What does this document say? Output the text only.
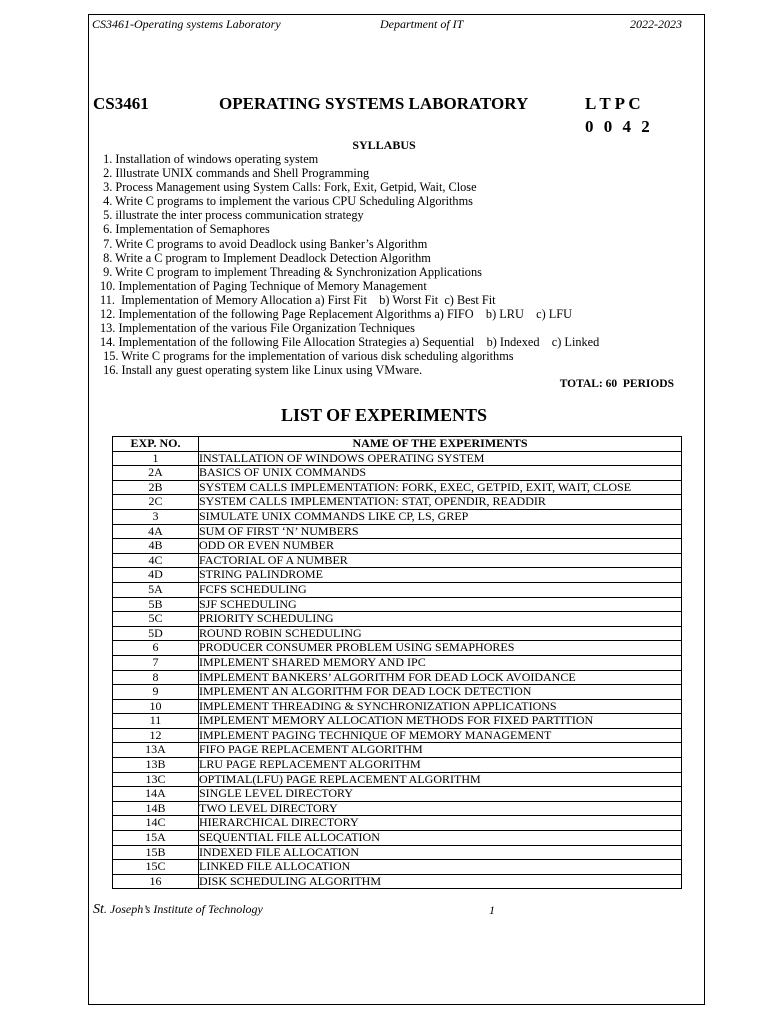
CS3461-Operating systems Laboratory	Department of IT	2022-2023
CS3461	OPERATING SYSTEMS LABORATORY	L T P C
0 0 4 2
SYLLABUS
1. Installation of windows operating system
2. Illustrate UNIX commands and Shell Programming
3. Process Management using System Calls: Fork, Exit, Getpid, Wait, Close
4. Write C programs to implement the various CPU Scheduling Algorithms
5. illustrate the inter process communication strategy
6. Implementation of Semaphores
7. Write C programs to avoid Deadlock using Banker’s Algorithm
8. Write a C program to Implement Deadlock Detection Algorithm
9. Write C program to implement Threading & Synchronization Applications
10. Implementation of Paging Technique of Memory Management
11.  Implementation of Memory Allocation a) First Fit    b) Worst Fit  c) Best Fit
12. Implementation of the following Page Replacement Algorithms a) FIFO    b) LRU    c) LFU
13. Implementation of the various File Organization Techniques
14. Implementation of the following File Allocation Strategies a) Sequential    b) Indexed    c) Linked
15. Write C programs for the implementation of various disk scheduling algorithms
16. Install any guest operating system like Linux using VMware.
TOTAL: 60  PERIODS
LIST OF EXPERIMENTS
EXP. NO.	NAME OF THE EXPERIMENTS
1	INSTALLATION OF WINDOWS OPERATING SYSTEM
2A	BASICS OF UNIX COMMANDS
2B	SYSTEM CALLS IMPLEMENTATION: FORK, EXEC, GETPID, EXIT, WAIT, CLOSE
2C	SYSTEM CALLS IMPLEMENTATION: STAT, OPENDIR, READDIR
3	SIMULATE UNIX COMMANDS LIKE CP, LS, GREP
4A	SUM OF FIRST ‘N’ NUMBERS
4B	ODD OR EVEN NUMBER
4C	FACTORIAL OF A NUMBER
4D	STRING PALINDROME
5A	FCFS SCHEDULING
5B	SJF SCHEDULING
5C	PRIORITY SCHEDULING
5D	ROUND ROBIN SCHEDULING
6	PRODUCER CONSUMER PROBLEM USING SEMAPHORES
7	IMPLEMENT SHARED MEMORY AND IPC
8	IMPLEMENT BANKERS’ ALGORITHM FOR DEAD LOCK AVOIDANCE
9	IMPLEMENT AN ALGORITHM FOR DEAD LOCK DETECTION
10	IMPLEMENT THREADING & SYNCHRONIZATION APPLICATIONS
11	IMPLEMENT MEMORY ALLOCATION METHODS FOR FIXED PARTITION
12	IMPLEMENT PAGING TECHNIQUE OF MEMORY MANAGEMENT
13A	FIFO PAGE REPLACEMENT ALGORITHM
13B	LRU PAGE REPLACEMENT ALGORITHM
13C	OPTIMAL(LFU) PAGE REPLACEMENT ALGORITHM
14A	SINGLE LEVEL DIRECTORY
14B	TWO LEVEL DIRECTORY
14C	HIERARCHICAL DIRECTORY
15A	SEQUENTIAL FILE ALLOCATION
15B	INDEXED FILE ALLOCATION
15C	LINKED FILE ALLOCATION
16	DISK SCHEDULING ALGORITHM
St. Joseph’s Institute of Technology	1
